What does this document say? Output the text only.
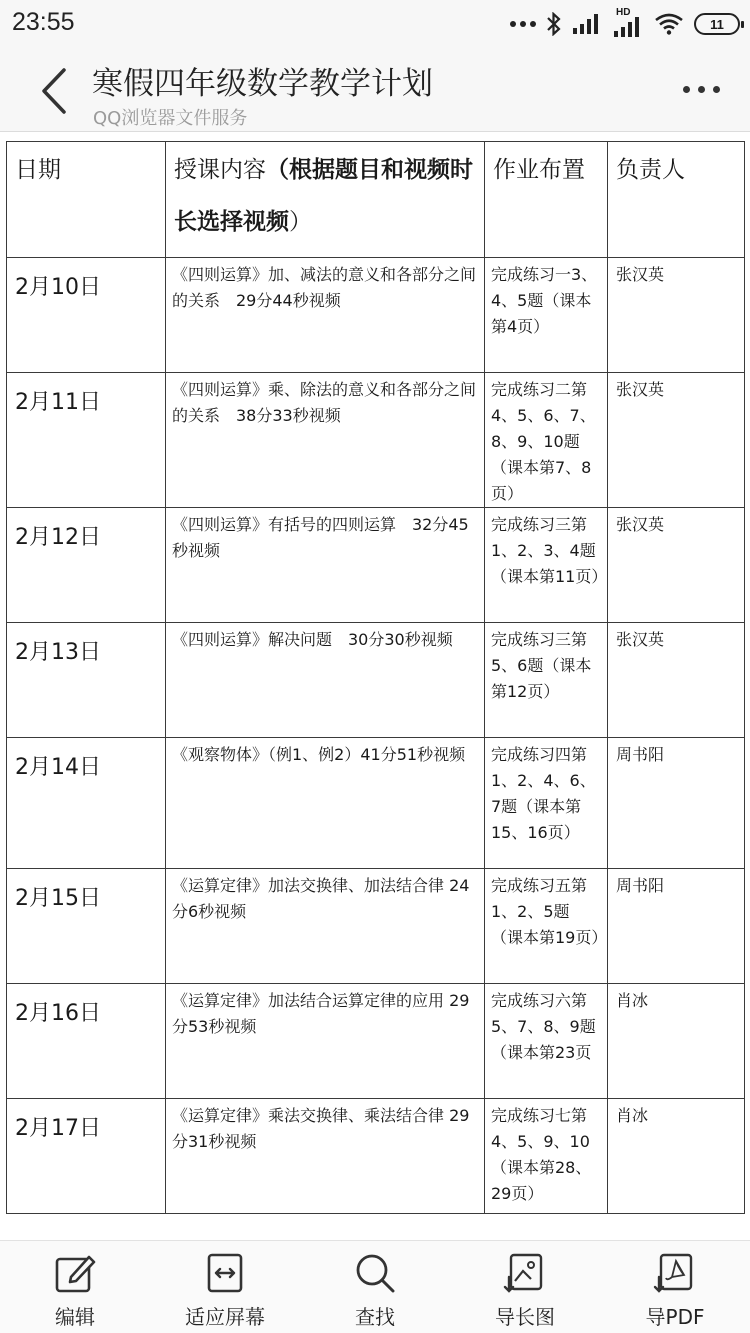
23:55	HD
11
寒假四年级数学教学计划
QQ浏览器文件服务
日期	授课内容（根据题目和视频时长选择视频）	作业布置	负责人
2月10日	《四则运算》加、减法的意义和各部分之间的关系　29分44秒视频	完成练习一3、4、5题（课本第4页）	张汉英
2月11日	《四则运算》乘、除法的意义和各部分之间的关系　38分33秒视频	完成练习二第4、5、6、7、8、9、10题（课本第7、8页）	张汉英
2月12日	《四则运算》有括号的四则运算　32分45秒视频	完成练习三第1、2、3、4题（课本第11页）	张汉英
2月13日	《四则运算》解决问题　30分30秒视频	完成练习三第5、6题（课本第12页）	张汉英
2月14日	《观察物体》（例1、例2）41分51秒视频	完成练习四第1、2、4、6、7题（课本第15、16页）	周书阳
2月15日	《运算定律》加法交换律、加法结合律 24分6秒视频	完成练习五第1、2、5题（课本第19页）	周书阳
2月16日	《运算定律》加法结合运算定律的应用 29分53秒视频	完成练习六第5、7、8、9题（课本第23页	肖冰
2月17日	《运算定律》乘法交换律、乘法结合律 29分31秒视频	完成练习七第4、5、9、10（课本第28、29页）	肖冰
编辑	适应屏幕	查找	导长图	导PDF
